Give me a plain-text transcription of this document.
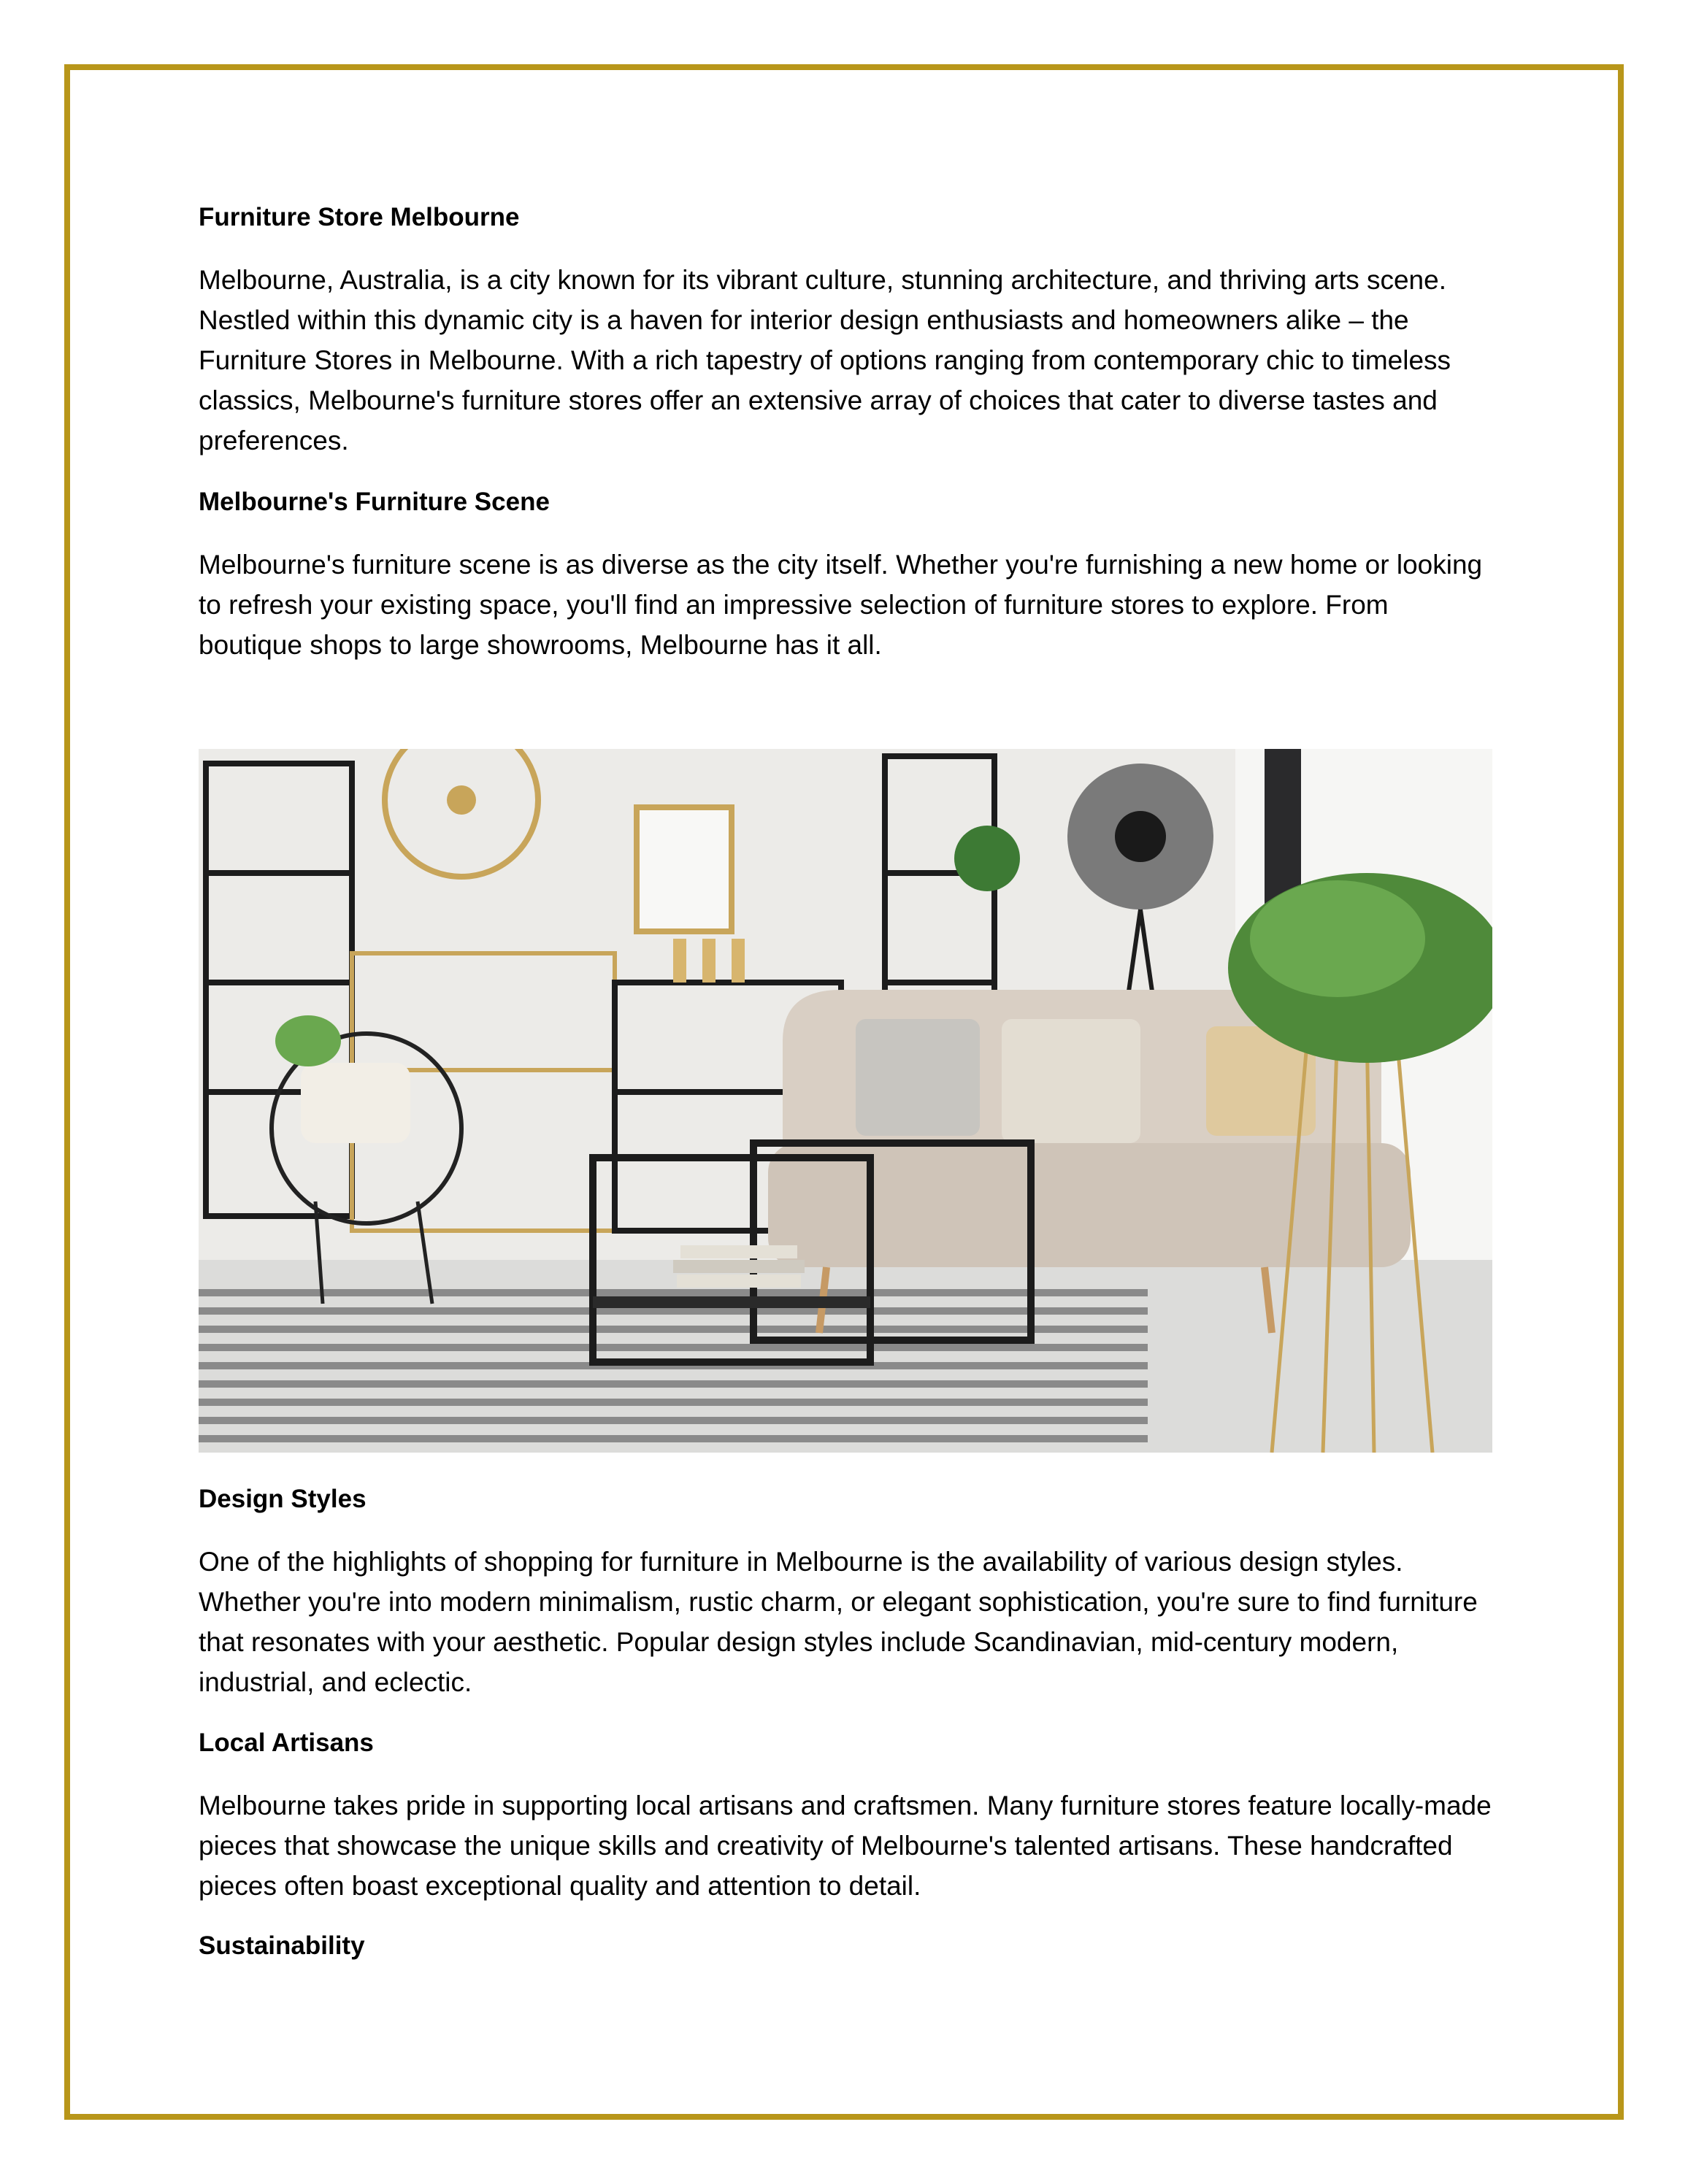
Furniture Store Melbourne

Melbourne, Australia, is a city known for its vibrant culture, stunning architecture, and thriving arts scene. Nestled within this dynamic city is a haven for interior design enthusiasts and homeowners alike – the Furniture Stores in Melbourne. With a rich tapestry of options ranging from contemporary chic to timeless classics, Melbourne's furniture stores offer an extensive array of choices that cater to diverse tastes and preferences.

Melbourne's Furniture Scene

Melbourne's furniture scene is as diverse as the city itself. Whether you're furnishing a new home or looking to refresh your existing space, you'll find an impressive selection of furniture stores to explore. From boutique shops to large showrooms, Melbourne has it all.

Design Styles

One of the highlights of shopping for furniture in Melbourne is the availability of various design styles. Whether you're into modern minimalism, rustic charm, or elegant sophistication, you're sure to find furniture that resonates with your aesthetic. Popular design styles include Scandinavian, mid-century modern, industrial, and eclectic.

Local Artisans

Melbourne takes pride in supporting local artisans and craftsmen. Many furniture stores feature locally-made pieces that showcase the unique skills and creativity of Melbourne's talented artisans. These handcrafted pieces often boast exceptional quality and attention to detail.

Sustainability
